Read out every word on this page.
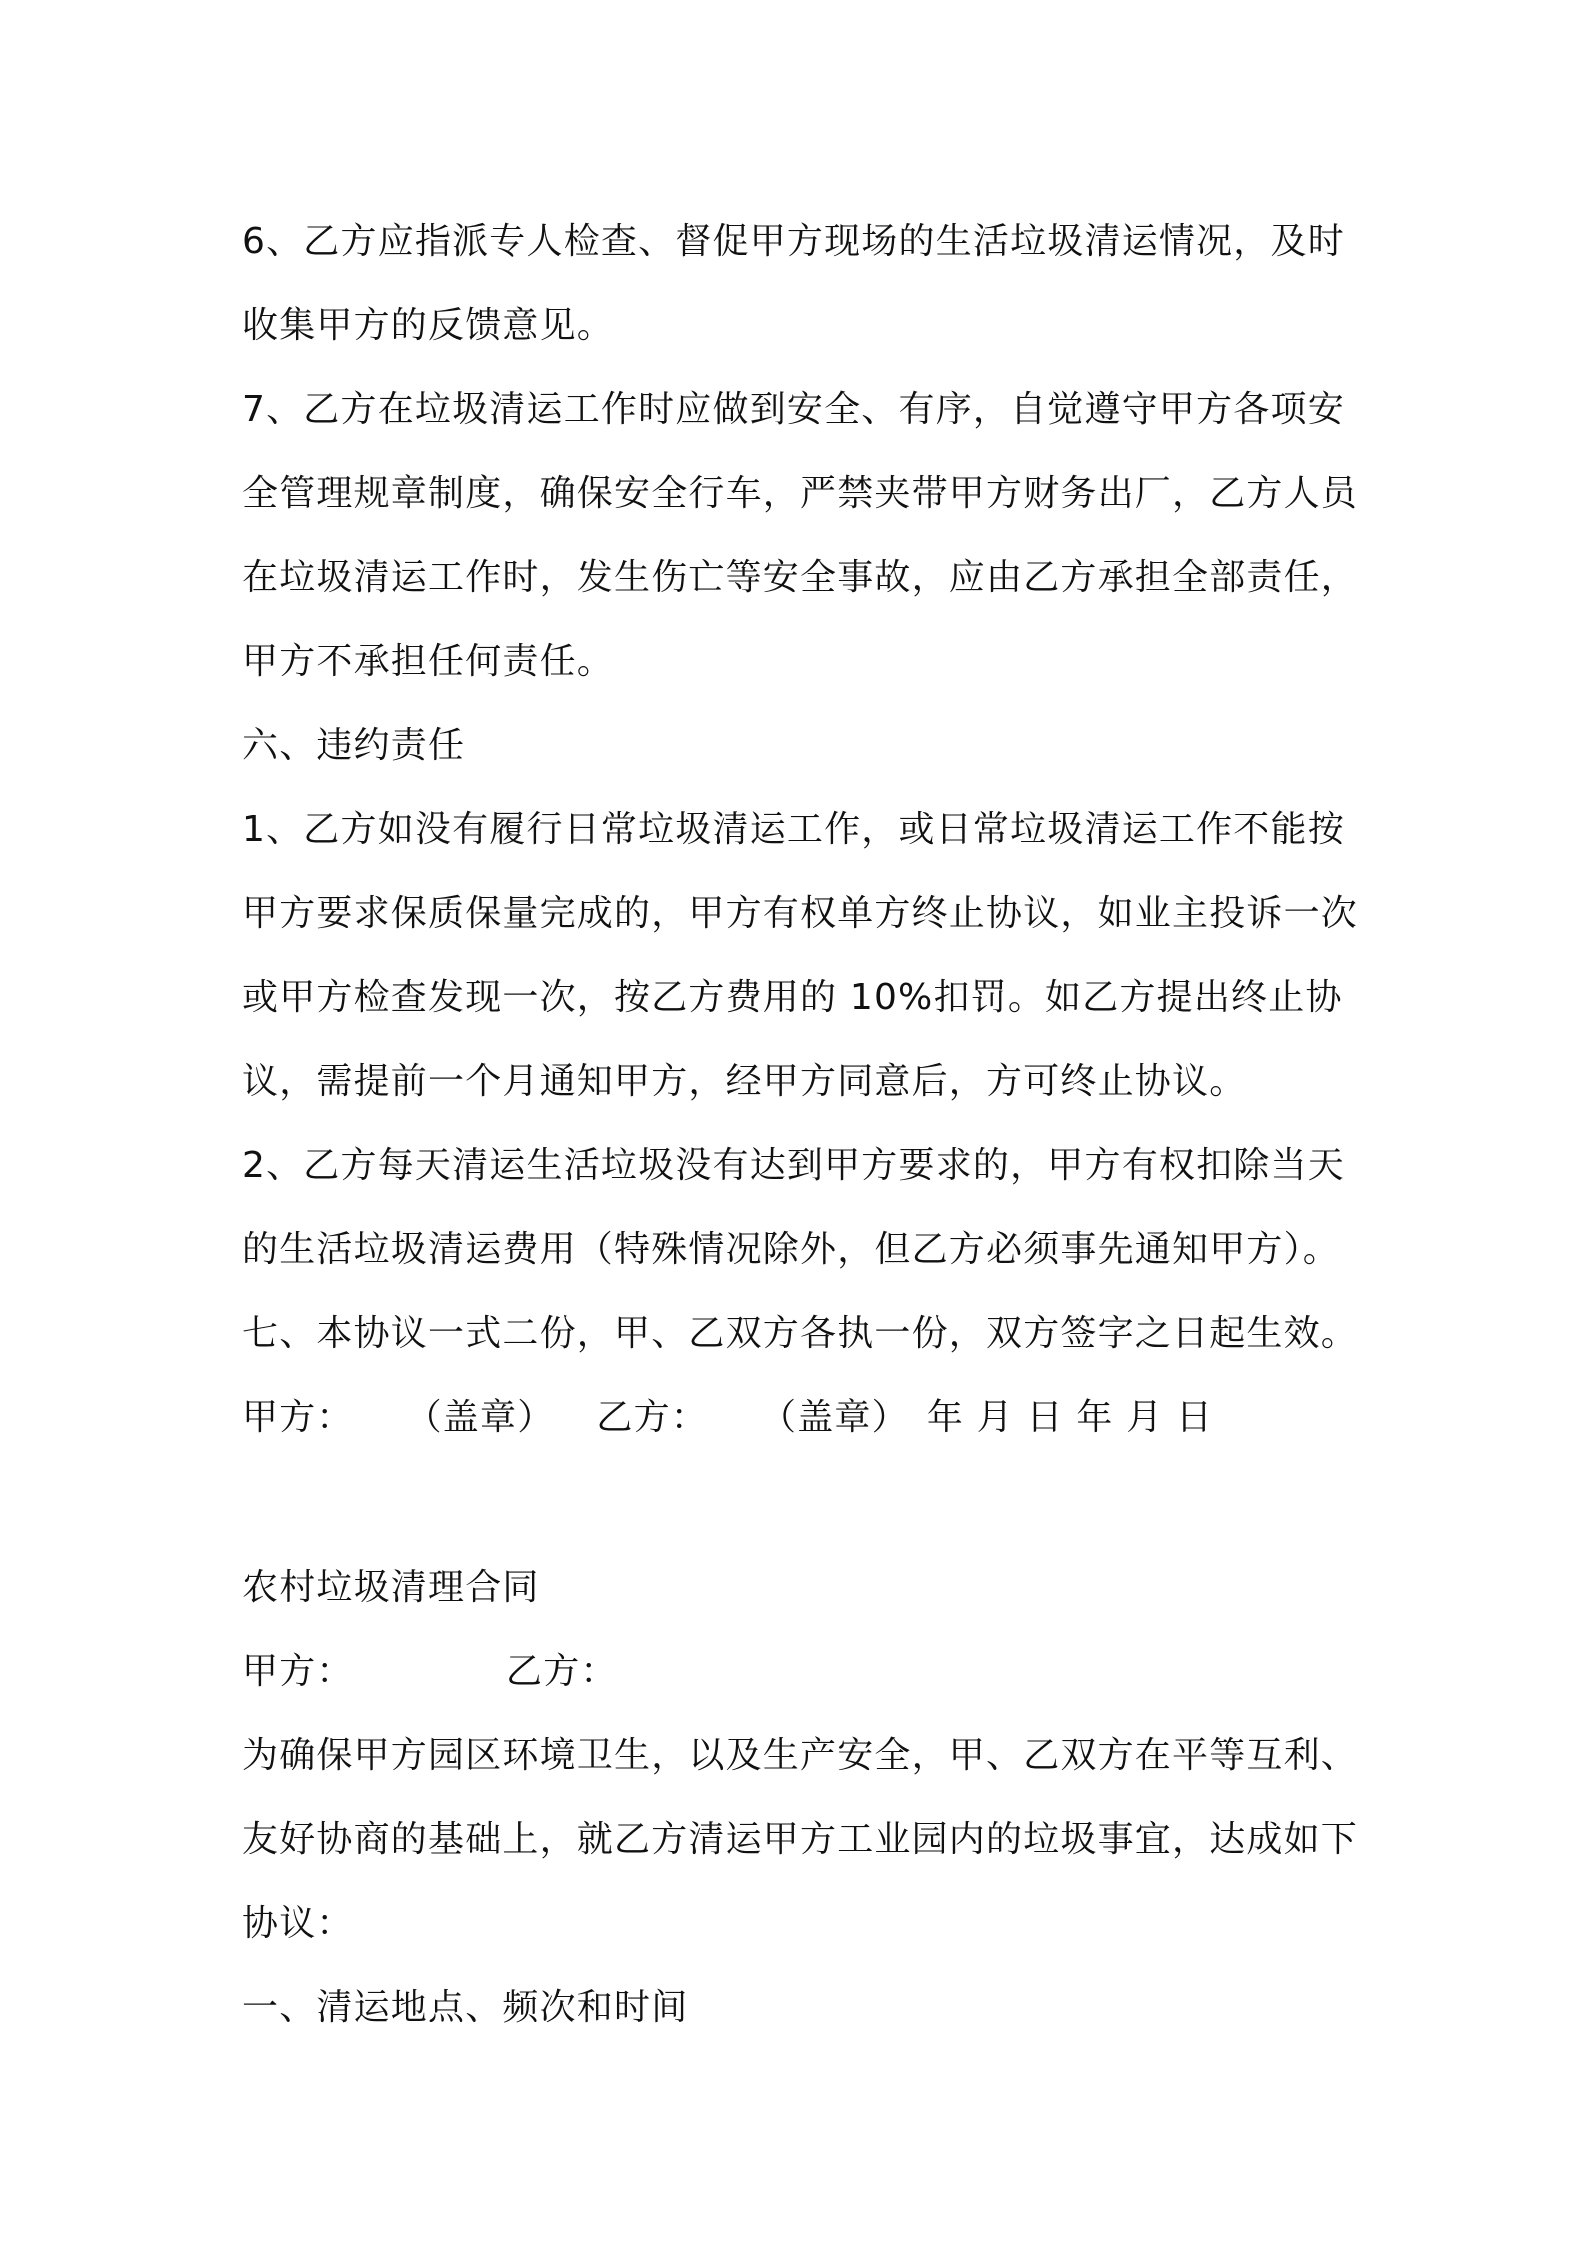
6、乙方应指派专人检查、督促甲方现场的生活垃圾清运情况，及时
收集甲方的反馈意见。
7、乙方在垃圾清运工作时应做到安全、有序，自觉遵守甲方各项安
全管理规章制度，确保安全行车，严禁夹带甲方财务出厂，乙方人员
在垃圾清运工作时，发生伤亡等安全事故，应由乙方承担全部责任，
甲方不承担任何责任。
六、违约责任
1、乙方如没有履行日常垃圾清运工作，或日常垃圾清运工作不能按
甲方要求保质保量完成的，甲方有权单方终止协议，如业主投诉一次
或甲方检查发现一次，按乙方费用的 10%扣罚。如乙方提出终止协
议，需提前一个月通知甲方，经甲方同意后，方可终止协议。
2、乙方每天清运生活垃圾没有达到甲方要求的，甲方有权扣除当天
的生活垃圾清运费用（特殊情况除外，但乙方必须事先通知甲方）。
七、本协议一式二份，甲、乙双方各执一份，双方签字之日起生效。
甲方： （盖章） 乙方： （盖章） 年 月 日 年 月 日
农村垃圾清理合同
甲方：	乙方：
为确保甲方园区环境卫生，以及生产安全，甲、乙双方在平等互利、
友好协商的基础上，就乙方清运甲方工业园内的垃圾事宜，达成如下
协议：
一、清运地点、频次和时间
